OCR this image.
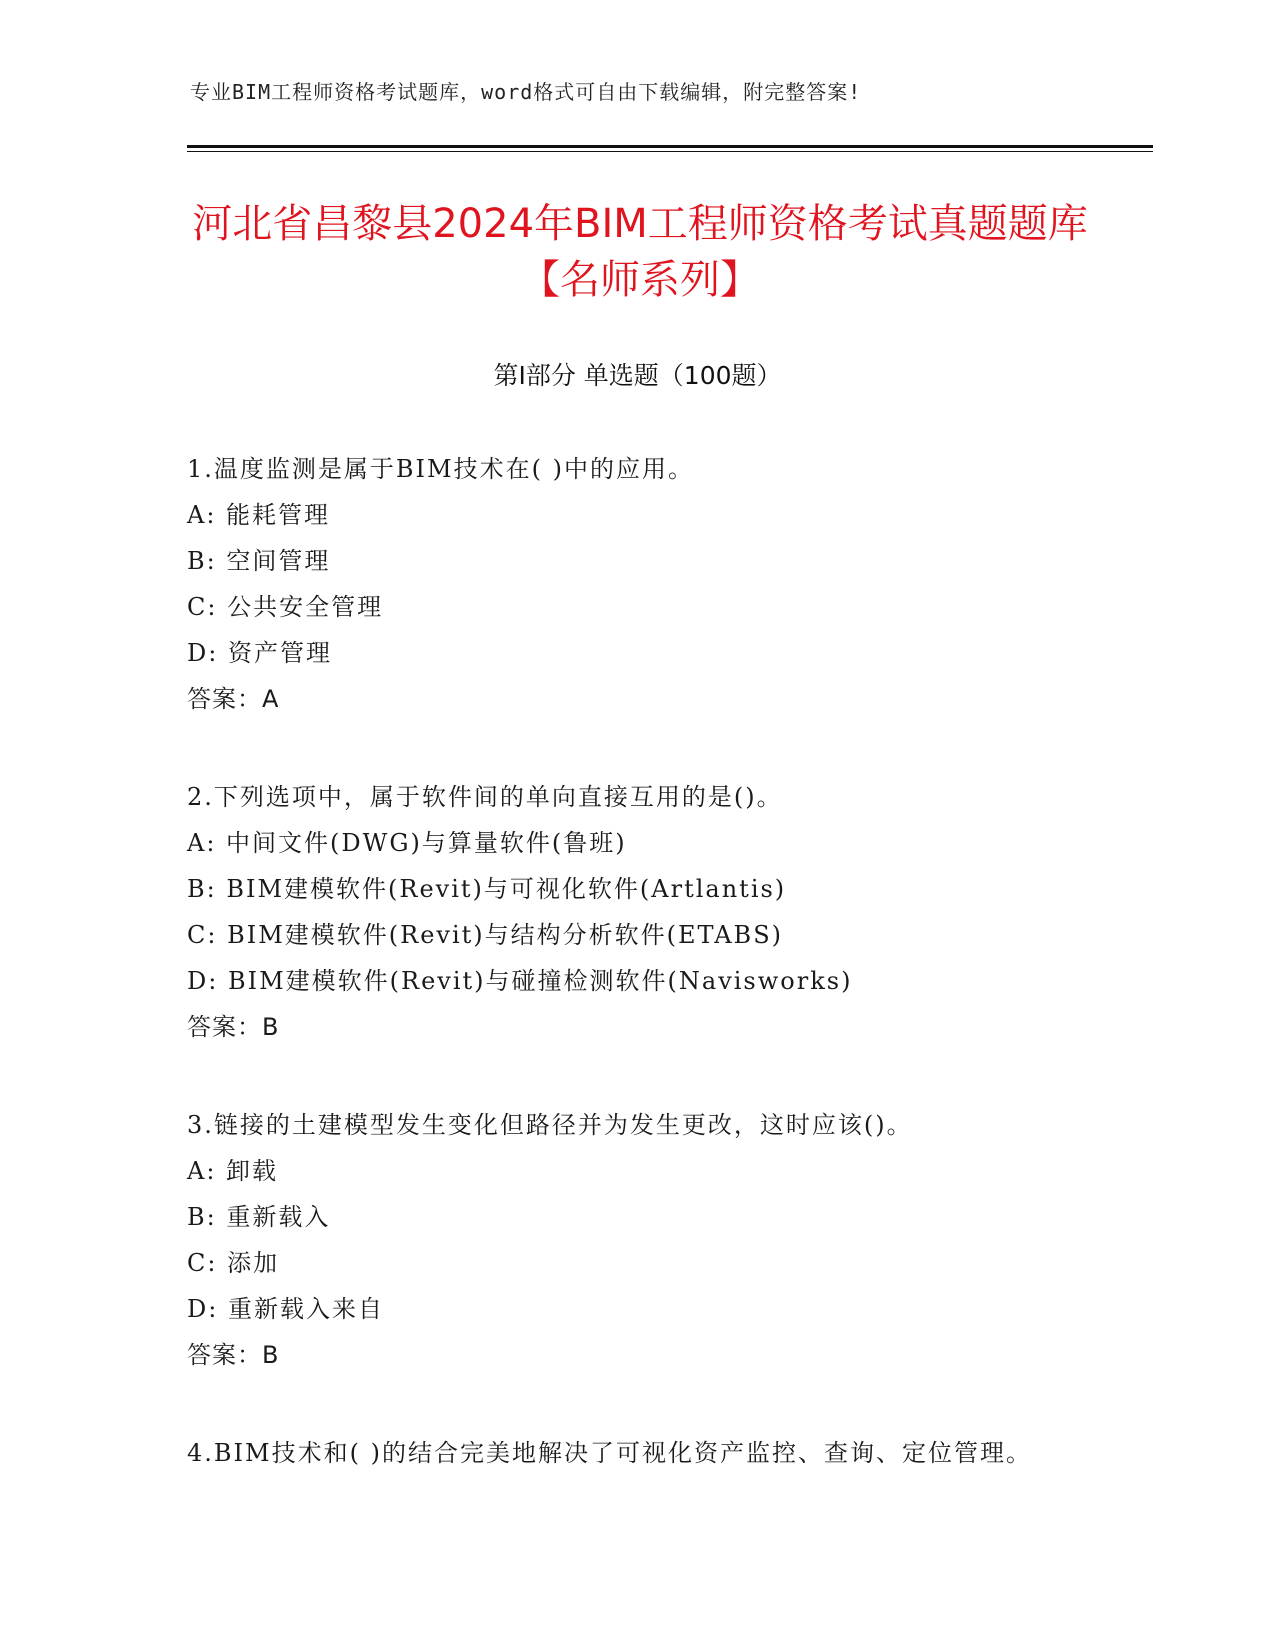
专业BIM工程师资格考试题库，word格式可自由下载编辑，附完整答案!
河北省昌黎县2024年BIM工程师资格考试真题题库【名师系列】
第I部分 单选题（100题）
1.温度监测是属于BIM技术在( )中的应用。
A: 能耗管理
B: 空间管理
C: 公共安全管理
D: 资产管理
答案：A
2.下列选项中，属于软件间的单向直接互用的是()。
A: 中间文件(DWG)与算量软件(鲁班)
B: BIM建模软件(Revit)与可视化软件(Artlantis)
C: BIM建模软件(Revit)与结构分析软件(ETABS)
D: BIM建模软件(Revit)与碰撞检测软件(Navisworks)
答案：B
3.链接的土建模型发生变化但路径并为发生更改，这时应该()。
A: 卸载
B: 重新载入
C: 添加
D: 重新载入来自
答案：B
4.BIM技术和( )的结合完美地解决了可视化资产监控、查询、定位管理。
